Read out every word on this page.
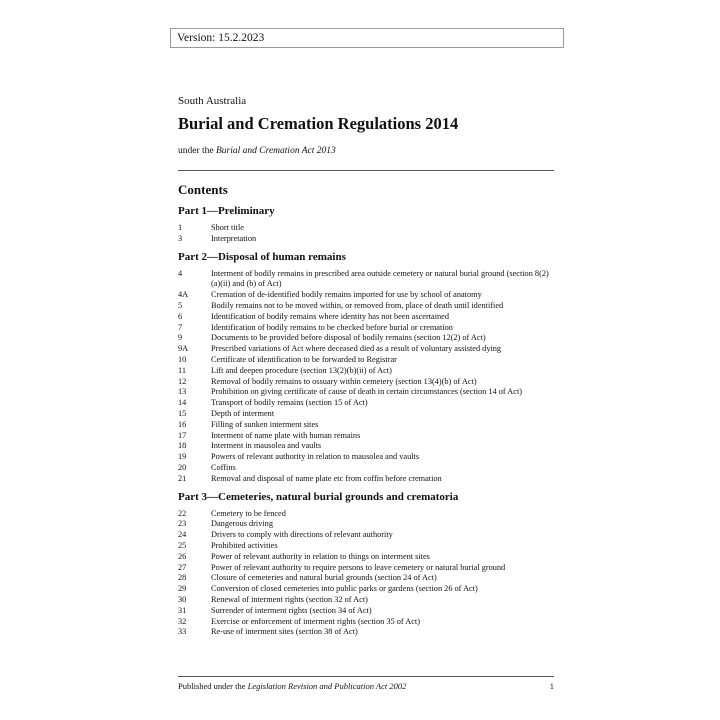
Version: 15.2.2023
South Australia
Burial and Cremation Regulations 2014
under the Burial and Cremation Act 2013
Contents
Part 1—Preliminary
1	Short title
3	Interpretation
Part 2—Disposal of human remains
4	Interment of bodily remains in prescribed area outside cemetery or natural burial ground (section 8(2)(a)(ii) and (b) of Act)
4A	Cremation of de-identified bodily remains imported for use by school of anatomy
5	Bodily remains not to be moved within, or removed from, place of death until identified
6	Identification of bodily remains where identity has not been ascertained
7	Identification of bodily remains to be checked before burial or cremation
9	Documents to be provided before disposal of bodily remains (section 12(2) of Act)
9A	Prescribed variations of Act where deceased died as a result of voluntary assisted dying
10	Certificate of identification to be forwarded to Registrar
11	Lift and deepen procedure (section 13(2)(b)(ii) of Act)
12	Removal of bodily remains to ossuary within cemetery (section 13(4)(b) of Act)
13	Prohibition on giving certificate of cause of death in certain circumstances (section 14 of Act)
14	Transport of bodily remains (section 15 of Act)
15	Depth of interment
16	Filling of sunken interment sites
17	Interment of name plate with human remains
18	Interment in mausolea and vaults
19	Powers of relevant authority in relation to mausolea and vaults
20	Coffins
21	Removal and disposal of name plate etc from coffin before cremation
Part 3—Cemeteries, natural burial grounds and crematoria
22	Cemetery to be fenced
23	Dangerous driving
24	Drivers to comply with directions of relevant authority
25	Prohibited activities
26	Power of relevant authority in relation to things on interment sites
27	Power of relevant authority to require persons to leave cemetery or natural burial ground
28	Closure of cemeteries and natural burial grounds (section 24 of Act)
29	Conversion of closed cemeteries into public parks or gardens (section 26 of Act)
30	Renewal of interment rights (section 32 of Act)
31	Surrender of interment rights (section 34 of Act)
32	Exercise or enforcement of interment rights (section 35 of Act)
33	Re-use of interment sites (section 38 of Act)
Published under the Legislation Revision and Publication Act 2002	1
